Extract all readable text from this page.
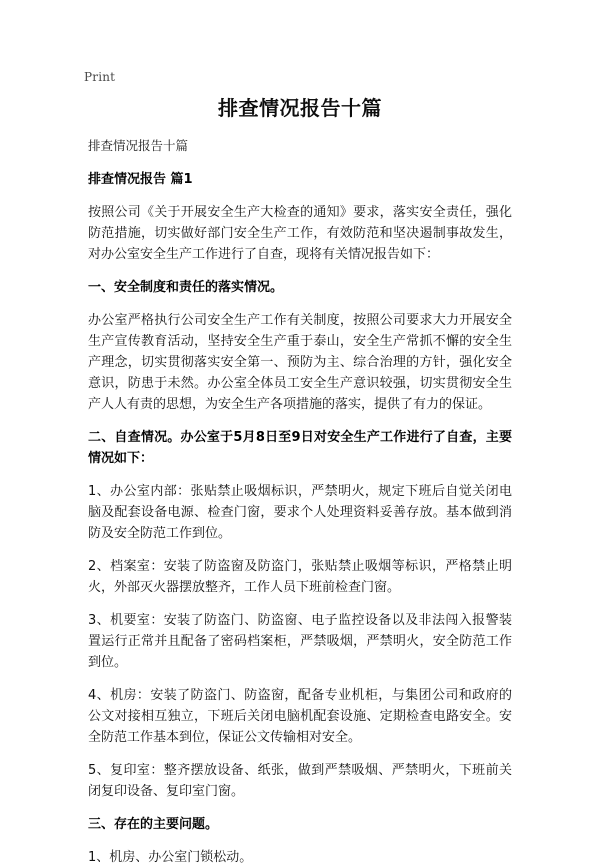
Print
排查情况报告十篇

排查情况报告十篇

排查情况报告 篇1

按照公司《关于开展安全生产大检查的通知》要求，落实安全责任，强化防范措施，切实做好部门安全生产工作，有效防范和坚决遏制事故发生，对办公室安全生产工作进行了自查，现将有关情况报告如下：

一、安全制度和责任的落实情况。

办公室严格执行公司安全生产工作有关制度，按照公司要求大力开展安全生产宣传教育活动，坚持安全生产重于泰山，安全生产常抓不懈的安全生产理念，切实贯彻落实安全第一、预防为主、综合治理的方针，强化安全意识，防患于未然。办公室全体员工安全生产意识较强，切实贯彻安全生产人人有责的思想，为安全生产各项措施的落实，提供了有力的保证。

二、自查情况。办公室于5月8日至9日对安全生产工作进行了自查，主要情况如下：

1、办公室内部：张贴禁止吸烟标识，严禁明火，规定下班后自觉关闭电脑及配套设备电源、检查门窗，要求个人处理资料妥善存放。基本做到消防及安全防范工作到位。

2、档案室：安装了防盗窗及防盗门，张贴禁止吸烟等标识，严格禁止明火，外部灭火器摆放整齐，工作人员下班前检查门窗。

3、机要室：安装了防盗门、防盗窗、电子监控设备以及非法闯入报警装置运行正常并且配备了密码档案柜，严禁吸烟，严禁明火，安全防范工作到位。

4、机房：安装了防盗门、防盗窗，配备专业机柜，与集团公司和政府的公文对接相互独立，下班后关闭电脑机配套设施、定期检查电路安全。安全防范工作基本到位，保证公文传输相对安全。

5、复印室：整齐摆放设备、纸张，做到严禁吸烟、严禁明火，下班前关闭复印设备、复印室门窗。

三、存在的主要问题。

1、机房、办公室门锁松动。
